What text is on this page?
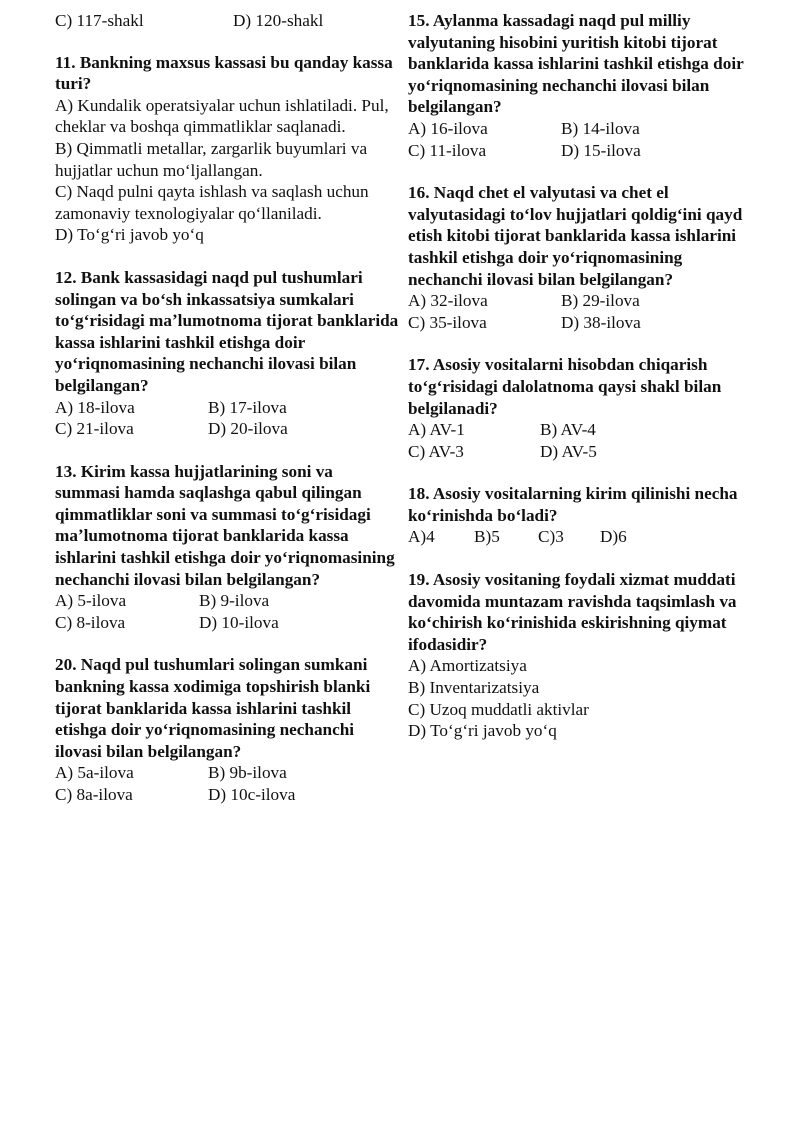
C) 117-shakl	D) 120-shakl

11. Bankning maxsus kassasi bu qanday kassa turi?

A) Kundalik operatsiyalar uchun ishlatiladi. Pul, cheklar va boshqa qimmatliklar saqlanadi.
B) Qimmatli metallar, zargarlik buyumlari va hujjatlar uchun moʻljallangan.
C) Naqd pulni qayta ishlash va saqlash uchun zamonaviy texnologiyalar qoʻllaniladi.
D) Toʻgʻri javob yoʻq

12. Bank kassasidagi naqd pul tushumlari solingan va boʻsh inkassatsiya sumkalari toʻgʻrisidagi maʼlumotnoma tijorat banklarida kassa ishlarini tashkil etishga doir yoʻriqnomasining nechanchi ilovasi bilan belgilangan?

A) 18-ilova	B) 17-ilova
C) 21-ilova	D) 20-ilova

13. Kirim kassa hujjatlarining soni va summasi hamda saqlashga qabul qilingan qimmatliklar soni va summasi toʻgʻrisidagi maʼlumotnoma tijorat banklarida kassa ishlarini tashkil etishga doir yoʻriqnomasining nechanchi ilovasi bilan belgilangan?

A) 5-ilova	B) 9-ilova
C) 8-ilova	D) 10-ilova

20. Naqd pul tushumlari solingan sumkani bankning kassa xodimiga topshirish blanki tijorat banklarida kassa ishlarini tashkil etishga doir yoʻriqnomasining nechanchi ilovasi bilan belgilangan?

A) 5a-ilova	B) 9b-ilova
C) 8a-ilova	D) 10c-ilova

15. Aylanma kassadagi naqd pul milliy valyutaning hisobini yuritish kitobi tijorat banklarida kassa ishlarini tashkil etishga doir yoʻriqnomasining nechanchi ilovasi bilan belgilangan?

A) 16-ilova	B) 14-ilova
C) 11-ilova	D) 15-ilova

16. Naqd chet el valyutasi va chet el valyutasidagi toʻlov hujjatlari qoldigʻini qayd etish kitobi tijorat banklarida kassa ishlarini tashkil etishga doir yoʻriqnomasining nechanchi ilovasi bilan belgilangan?

A) 32-ilova	B) 29-ilova
C) 35-ilova	D) 38-ilova

17. Asosiy vositalarni hisobdan chiqarish toʻgʻrisidagi dalolatnoma qaysi shakl bilan belgilanadi?

A) AV-1	B) AV-4
C) AV-3	D) AV-5

18. Asosiy vositalarning kirim qilinishi necha koʻrinishda boʻladi?

A)4 B)5 C)3 D)6

19. Asosiy vositaning foydali xizmat muddati davomida muntazam ravishda taqsimlash va koʻchirish koʻrinishida eskirishning qiymat ifodasidir?

A) Amortizatsiya
B) Inventarizatsiya
C) Uzoq muddatli aktivlar
D) Toʻgʻri javob yoʻq
